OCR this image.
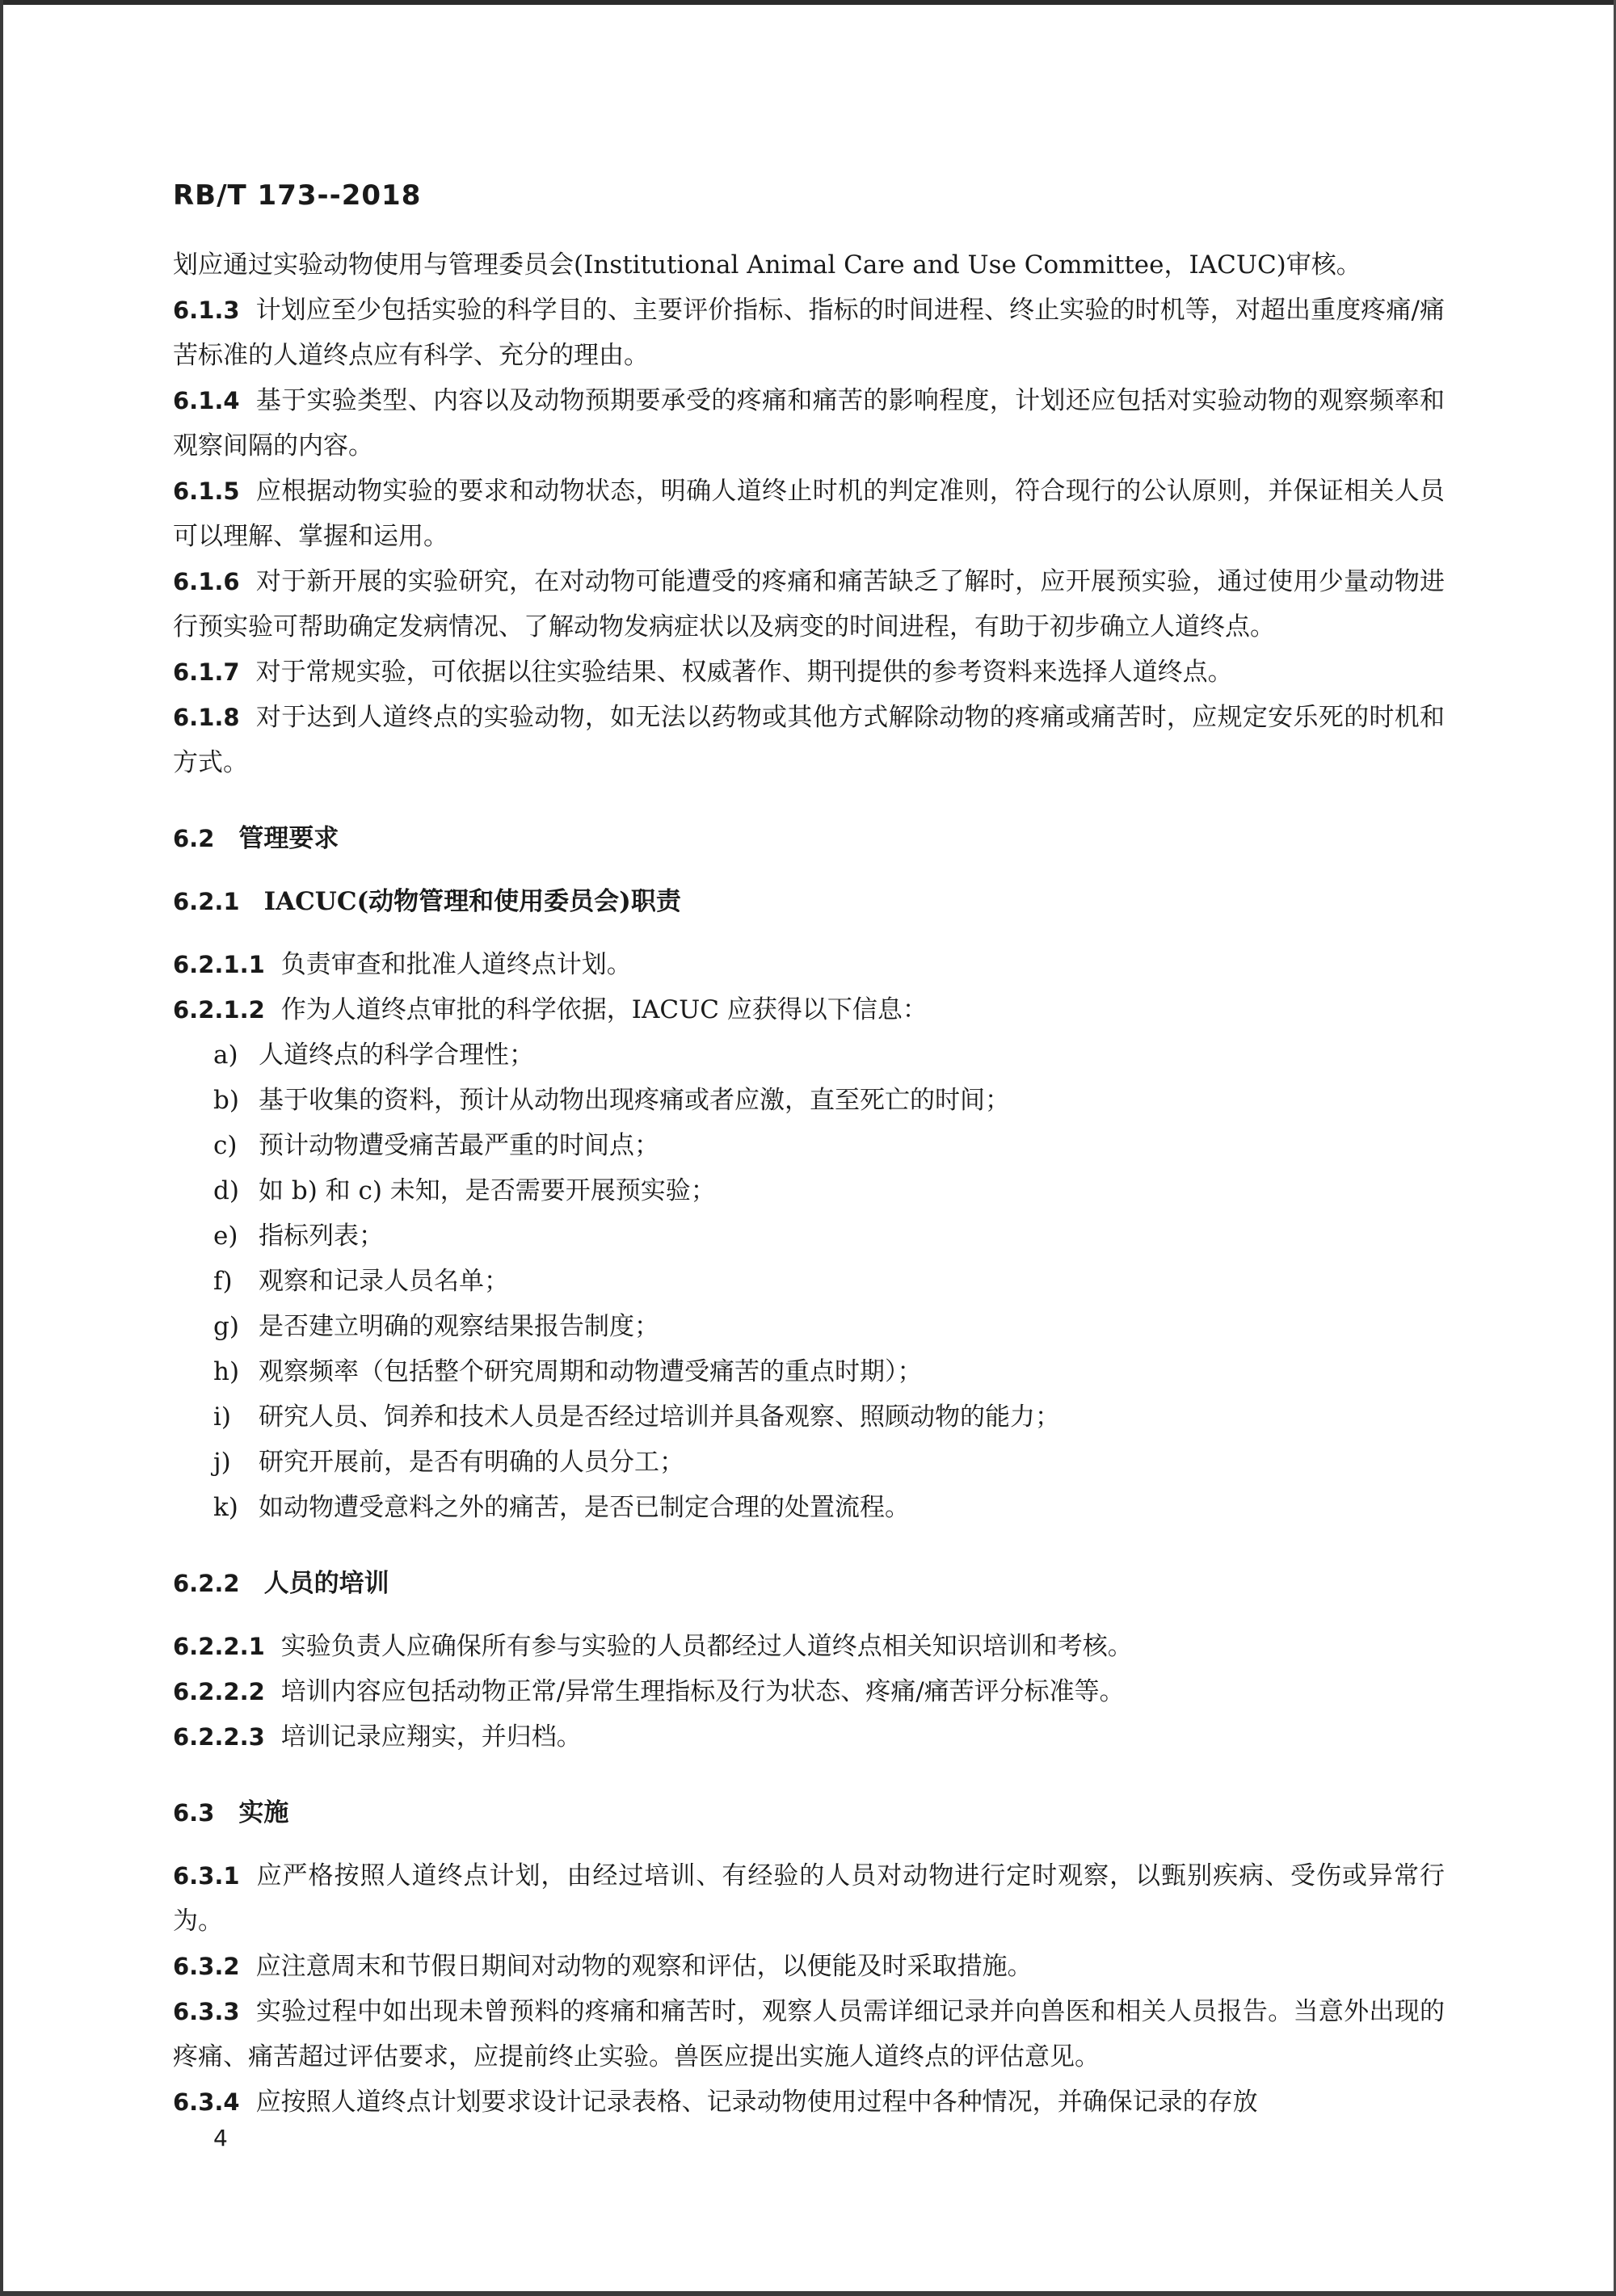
RB/T 173--2018

划应通过实验动物使用与管理委员会(Institutional Animal Care and Use Committee，IACUC)审核。

6.1.3 计划应至少包括实验的科学目的、主要评价指标、指标的时间进程、终止实验的时机等，对超出重度疼痛/痛苦标准的人道终点应有科学、充分的理由。

6.1.4 基于实验类型、内容以及动物预期要承受的疼痛和痛苦的影响程度，计划还应包括对实验动物的观察频率和观察间隔的内容。

6.1.5 应根据动物实验的要求和动物状态，明确人道终止时机的判定准则，符合现行的公认原则，并保证相关人员可以理解、掌握和运用。

6.1.6 对于新开展的实验研究，在对动物可能遭受的疼痛和痛苦缺乏了解时，应开展预实验，通过使用少量动物进行预实验可帮助确定发病情况、了解动物发病症状以及病变的时间进程，有助于初步确立人道终点。

6.1.7 对于常规实验，可依据以往实验结果、权威著作、期刊提供的参考资料来选择人道终点。

6.1.8 对于达到人道终点的实验动物，如无法以药物或其他方式解除动物的疼痛或痛苦时，应规定安乐死的时机和方式。

6.2 管理要求

6.2.1 IACUC(动物管理和使用委员会)职责

6.2.1.1 负责审查和批准人道终点计划。

6.2.1.2 作为人道终点审批的科学依据，IACUC 应获得以下信息：

a) 人道终点的科学合理性；
b) 基于收集的资料，预计从动物出现疼痛或者应激，直至死亡的时间；
c) 预计动物遭受痛苦最严重的时间点；
d) 如 b) 和 c) 未知，是否需要开展预实验；
e) 指标列表；
f) 观察和记录人员名单；
g) 是否建立明确的观察结果报告制度；
h) 观察频率（包括整个研究周期和动物遭受痛苦的重点时期）；
i) 研究人员、饲养和技术人员是否经过培训并具备观察、照顾动物的能力；
j) 研究开展前，是否有明确的人员分工；
k) 如动物遭受意料之外的痛苦，是否已制定合理的处置流程。

6.2.2 人员的培训

6.2.2.1 实验负责人应确保所有参与实验的人员都经过人道终点相关知识培训和考核。

6.2.2.2 培训内容应包括动物正常/异常生理指标及行为状态、疼痛/痛苦评分标准等。

6.2.2.3 培训记录应翔实，并归档。

6.3 实施

6.3.1 应严格按照人道终点计划，由经过培训、有经验的人员对动物进行定时观察，以甄别疾病、受伤或异常行为。

6.3.2 应注意周末和节假日期间对动物的观察和评估，以便能及时采取措施。

6.3.3 实验过程中如出现未曾预料的疼痛和痛苦时，观察人员需详细记录并向兽医和相关人员报告。当意外出现的疼痛、痛苦超过评估要求，应提前终止实验。兽医应提出实施人道终点的评估意见。

6.3.4 应按照人道终点计划要求设计记录表格、记录动物使用过程中各种情况，并确保记录的存放

4
